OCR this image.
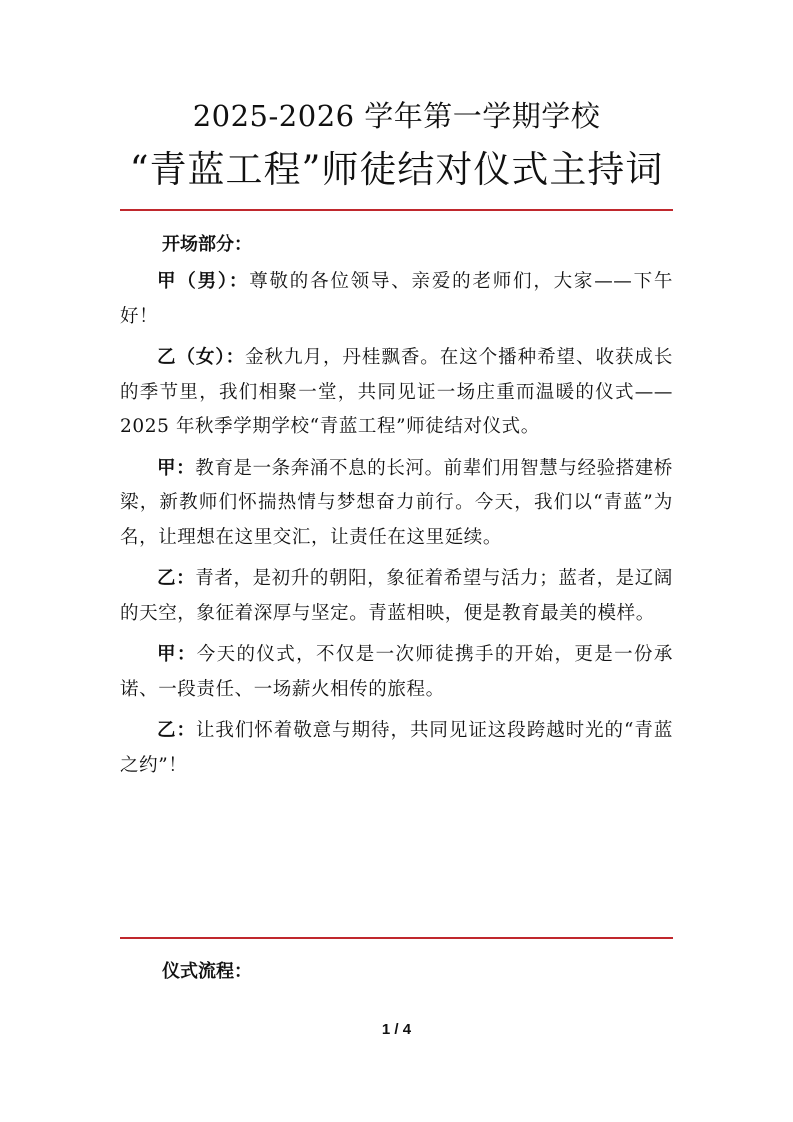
2025-2026 学年第一学期学校
“青蓝工程”师徒结对仪式主持词
开场部分：

甲（男）：尊敬的各位领导、亲爱的老师们，大家——下午好！

乙（女）：金秋九月，丹桂飘香。在这个播种希望、收获成长的季节里，我们相聚一堂，共同见证一场庄重而温暖的仪式——2025 年秋季学期学校“青蓝工程”师徒结对仪式。

甲：教育是一条奔涌不息的长河。前辈们用智慧与经验搭建桥梁，新教师们怀揣热情与梦想奋力前行。今天，我们以“青蓝”为名，让理想在这里交汇，让责任在这里延续。

乙：青者，是初升的朝阳，象征着希望与活力；蓝者，是辽阔的天空，象征着深厚与坚定。青蓝相映，便是教育最美的模样。

甲：今天的仪式，不仅是一次师徒携手的开始，更是一份承诺、一段责任、一场薪火相传的旅程。

乙：让我们怀着敬意与期待，共同见证这段跨越时光的“青蓝之约”！

仪式流程：
1 / 4
